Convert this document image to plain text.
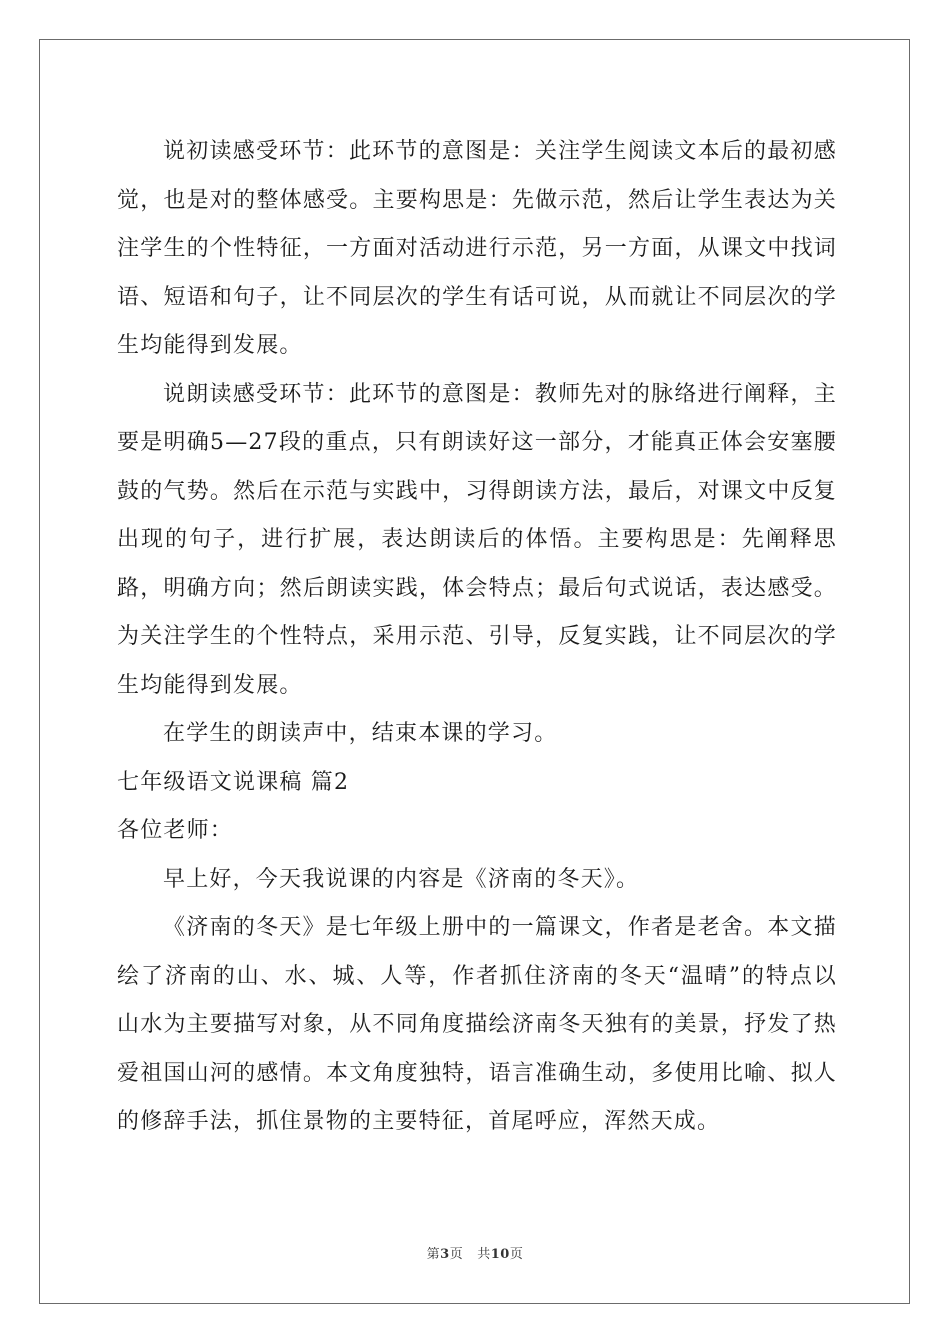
说初读感受环节：此环节的意图是：关注学生阅读文本后的最初感觉，也是对的整体感受。主要构思是：先做示范，然后让学生表达为关注学生的个性特征，一方面对活动进行示范，另一方面，从课文中找词语、短语和句子，让不同层次的学生有话可说，从而就让不同层次的学生均能得到发展。

说朗读感受环节：此环节的意图是：教师先对的脉络进行阐释，主要是明确5—27段的重点，只有朗读好这一部分，才能真正体会安塞腰鼓的气势。然后在示范与实践中，习得朗读方法，最后，对课文中反复出现的句子，进行扩展，表达朗读后的体悟。主要构思是：先阐释思路，明确方向；然后朗读实践，体会特点；最后句式说话，表达感受。为关注学生的个性特点，采用示范、引导，反复实践，让不同层次的学生均能得到发展。

在学生的朗读声中，结束本课的学习。

七年级语文说课稿 篇2

各位老师：

早上好，今天我说课的内容是《济南的冬天》。

《济南的冬天》是七年级上册中的一篇课文，作者是老舍。本文描绘了济南的山、水、城、人等，作者抓住济南的冬天“温晴”的特点以山水为主要描写对象，从不同角度描绘济南冬天独有的美景，抒发了热爱祖国山河的感情。本文角度独特，语言准确生动，多使用比喻、拟人的修辞手法，抓住景物的主要特征，首尾呼应，浑然天成。

第3页 共10页
